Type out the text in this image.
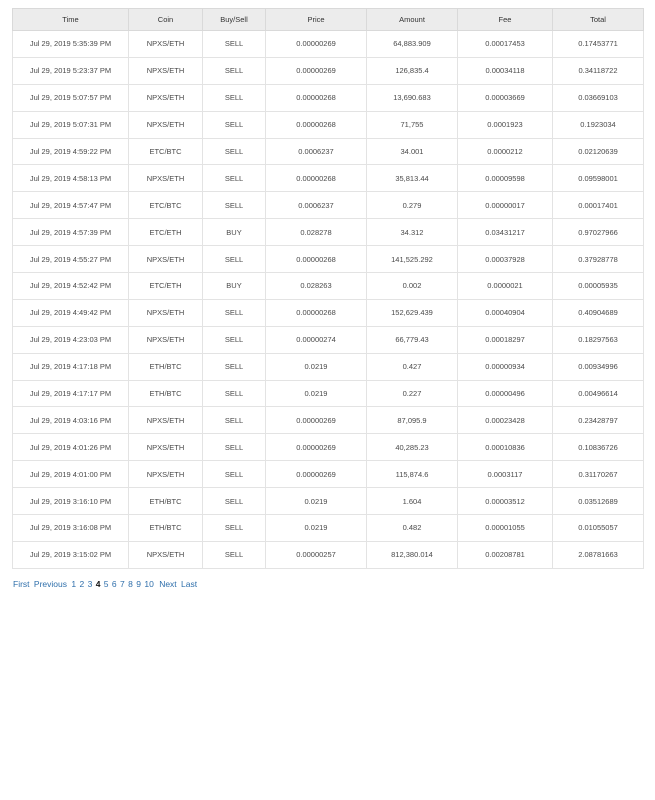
Time	Coin	Buy/Sell	Price	Amount	Fee	Total
Jul 29, 2019 5:35:39 PM	NPXS/ETH	SELL	0.00000269	64,883.909	0.00017453	0.17453771
Jul 29, 2019 5:23:37 PM	NPXS/ETH	SELL	0.00000269	126,835.4	0.00034118	0.34118722
Jul 29, 2019 5:07:57 PM	NPXS/ETH	SELL	0.00000268	13,690.683	0.00003669	0.03669103
Jul 29, 2019 5:07:31 PM	NPXS/ETH	SELL	0.00000268	71,755	0.0001923	0.1923034
Jul 29, 2019 4:59:22 PM	ETC/BTC	SELL	0.0006237	34.001	0.0000212	0.02120639
Jul 29, 2019 4:58:13 PM	NPXS/ETH	SELL	0.00000268	35,813.44	0.00009598	0.09598001
Jul 29, 2019 4:57:47 PM	ETC/BTC	SELL	0.0006237	0.279	0.00000017	0.00017401
Jul 29, 2019 4:57:39 PM	ETC/ETH	BUY	0.028278	34.312	0.03431217	0.97027966
Jul 29, 2019 4:55:27 PM	NPXS/ETH	SELL	0.00000268	141,525.292	0.00037928	0.37928778
Jul 29, 2019 4:52:42 PM	ETC/ETH	BUY	0.028263	0.002	0.0000021	0.00005935
Jul 29, 2019 4:49:42 PM	NPXS/ETH	SELL	0.00000268	152,629.439	0.00040904	0.40904689
Jul 29, 2019 4:23:03 PM	NPXS/ETH	SELL	0.00000274	66,779.43	0.00018297	0.18297563
Jul 29, 2019 4:17:18 PM	ETH/BTC	SELL	0.0219	0.427	0.00000934	0.00934996
Jul 29, 2019 4:17:17 PM	ETH/BTC	SELL	0.0219	0.227	0.00000496	0.00496614
Jul 29, 2019 4:03:16 PM	NPXS/ETH	SELL	0.00000269	87,095.9	0.00023428	0.23428797
Jul 29, 2019 4:01:26 PM	NPXS/ETH	SELL	0.00000269	40,285.23	0.00010836	0.10836726
Jul 29, 2019 4:01:00 PM	NPXS/ETH	SELL	0.00000269	115,874.6	0.0003117	0.31170267
Jul 29, 2019 3:16:10 PM	ETH/BTC	SELL	0.0219	1.604	0.00003512	0.03512689
Jul 29, 2019 3:16:08 PM	ETH/BTC	SELL	0.0219	0.482	0.00001055	0.01055057
Jul 29, 2019 3:15:02 PM	NPXS/ETH	SELL	0.00000257	812,380.014	0.00208781	2.08781663
First Previous 1 2 3 4 5 6 7 8 9 10 Next Last
